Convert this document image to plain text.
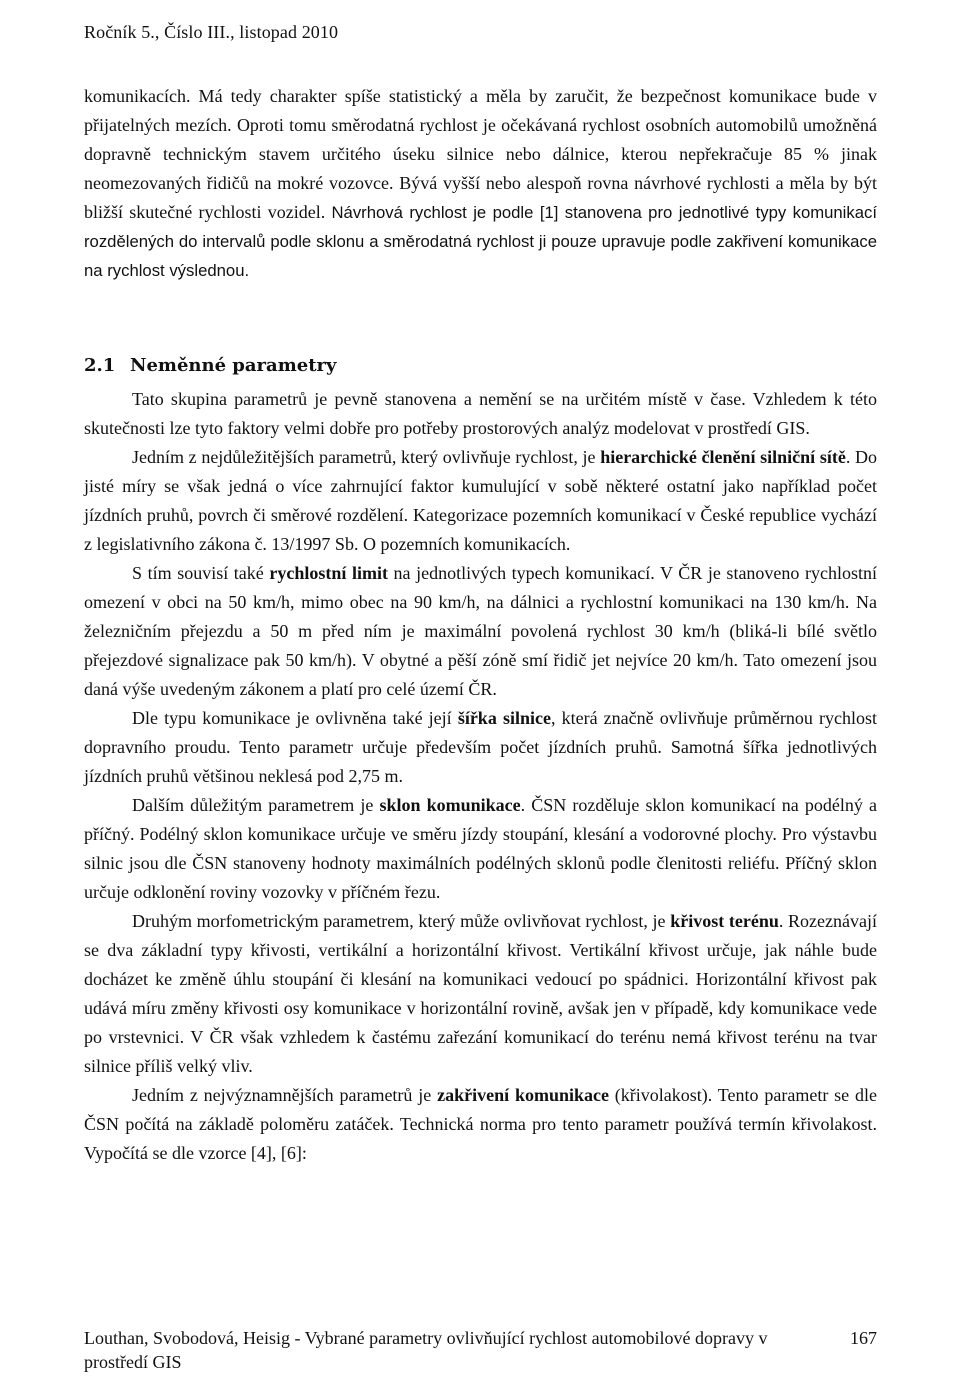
Ročník 5., Číslo III., listopad 2010

komunikacích. Má tedy charakter spíše statistický a měla by zaručit, že bezpečnost komunikace bude v přijatelných mezích. Oproti tomu směrodatná rychlost je očekávaná rychlost osobních automobilů umožněná dopravně technickým stavem určitého úseku silnice nebo dálnice, kterou nepřekračuje 85 % jinak neomezovaných řidičů na mokré vozovce. Bývá vyšší nebo alespoň rovna návrhové rychlosti a měla by být bližší skutečné rychlosti vozidel. Návrhová rychlost je podle [1] stanovena pro jednotlivé typy komunikací rozdělených do intervalů podle sklonu a směrodatná rychlost ji pouze upravuje podle zakřivení komunikace na rychlost výslednou.

2.1 Neměnné parametry

Tato skupina parametrů je pevně stanovena a nemění se na určitém místě v čase. Vzhledem k této skutečnosti lze tyto faktory velmi dobře pro potřeby prostorových analýz modelovat v prostředí GIS.

Jedním z nejdůležitějších parametrů, který ovlivňuje rychlost, je hierarchické členění silniční sítě. Do jisté míry se však jedná o více zahrnující faktor kumulující v sobě některé ostatní jako například počet jízdních pruhů, povrch či směrové rozdělení. Kategorizace pozemních komunikací v České republice vychází z legislativního zákona č. 13/1997 Sb. O pozemních komunikacích.

S tím souvisí také rychlostní limit na jednotlivých typech komunikací. V ČR je stanoveno rychlostní omezení v obci na 50 km/h, mimo obec na 90 km/h, na dálnici a rychlostní komunikaci na 130 km/h. Na železničním přejezdu a 50 m před ním je maximální povolená rychlost 30 km/h (bliká-li bílé světlo přejezdové signalizace pak 50 km/h). V obytné a pěší zóně smí řidič jet nejvíce 20 km/h. Tato omezení jsou daná výše uvedeným zákonem a platí pro celé území ČR.

Dle typu komunikace je ovlivněna také její šířka silnice, která značně ovlivňuje průměrnou rychlost dopravního proudu. Tento parametr určuje především počet jízdních pruhů. Samotná šířka jednotlivých jízdních pruhů většinou neklesá pod 2,75 m.

Dalším důležitým parametrem je sklon komunikace. ČSN rozděluje sklon komunikací na podélný a příčný. Podélný sklon komunikace určuje ve směru jízdy stoupání, klesání a vodorovné plochy. Pro výstavbu silnic jsou dle ČSN stanoveny hodnoty maximálních podélných sklonů podle členitosti reliéfu. Příčný sklon určuje odklonění roviny vozovky v příčném řezu.

Druhým morfometrickým parametrem, který může ovlivňovat rychlost, je křivost terénu. Rozeznávají se dva základní typy křivosti, vertikální a horizontální křivost. Vertikální křivost určuje, jak náhle bude docházet ke změně úhlu stoupání či klesání na komunikaci vedoucí po spádnici. Horizontální křivost pak udává míru změny křivosti osy komunikace v horizontální rovině, avšak jen v případě, kdy komunikace vede po vrstevnici. V ČR však vzhledem k častému zařezání komunikací do terénu nemá křivost terénu na tvar silnice příliš velký vliv.

Jedním z nejvýznamnějších parametrů je zakřivení komunikace (křivolakost). Tento parametr se dle ČSN počítá na základě poloměru zatáček. Technická norma pro tento parametr používá termín křivolakost. Vypočítá se dle vzorce [4], [6]:

Louthan, Svobodová, Heisig - Vybrané parametry ovlivňující rychlost automobilové dopravy v prostředí GIS
167
